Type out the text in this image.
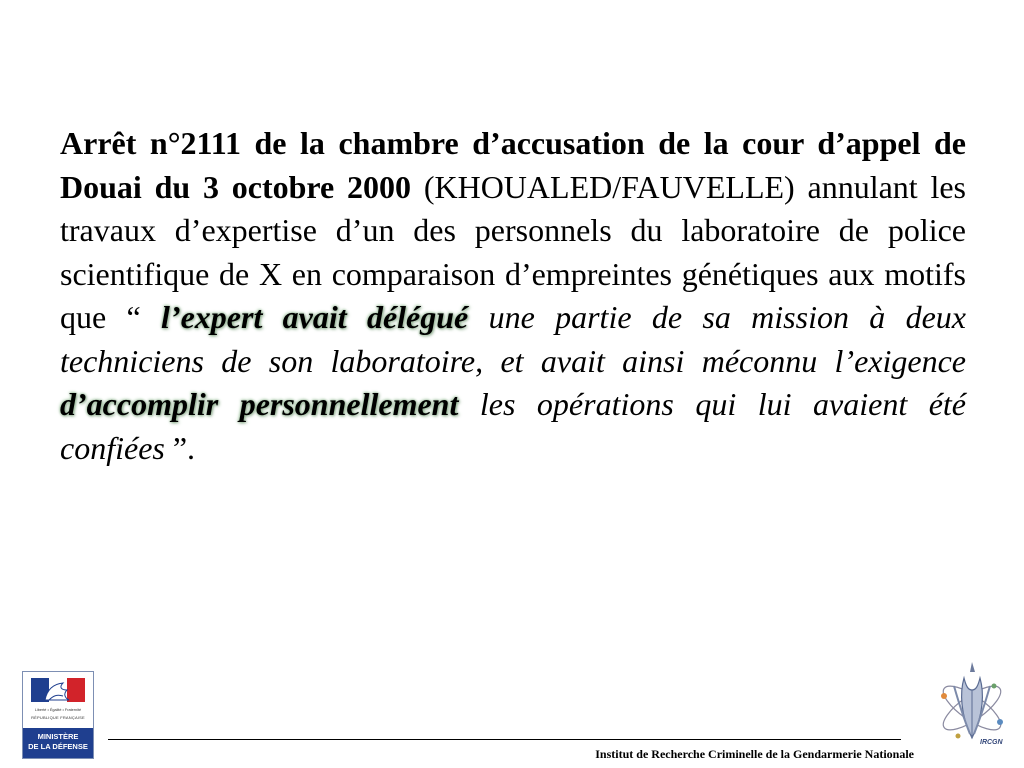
Arrêt n°2111 de la chambre d’accusation de la cour d’appel de Douai du 3 octobre 2000 (KHOUALED/FAUVELLE) annulant les travaux d’expertise d’un des personnels du laboratoire de police scientifique de X en comparaison d’empreintes génétiques aux motifs que “ l’expert avait délégué une partie de sa mission à deux techniciens de son laboratoire, et avait ainsi méconnu l’exigence d’accomplir personnellement les opérations qui lui avaient été confiées ”.

Liberté • Égalité • Fraternité
RÉPUBLIQUE FRANÇAISE
MINISTÈRE
DE LA DÉFENSE
Institut de Recherche Criminelle de la Gendarmerie Nationale
IRCGN
